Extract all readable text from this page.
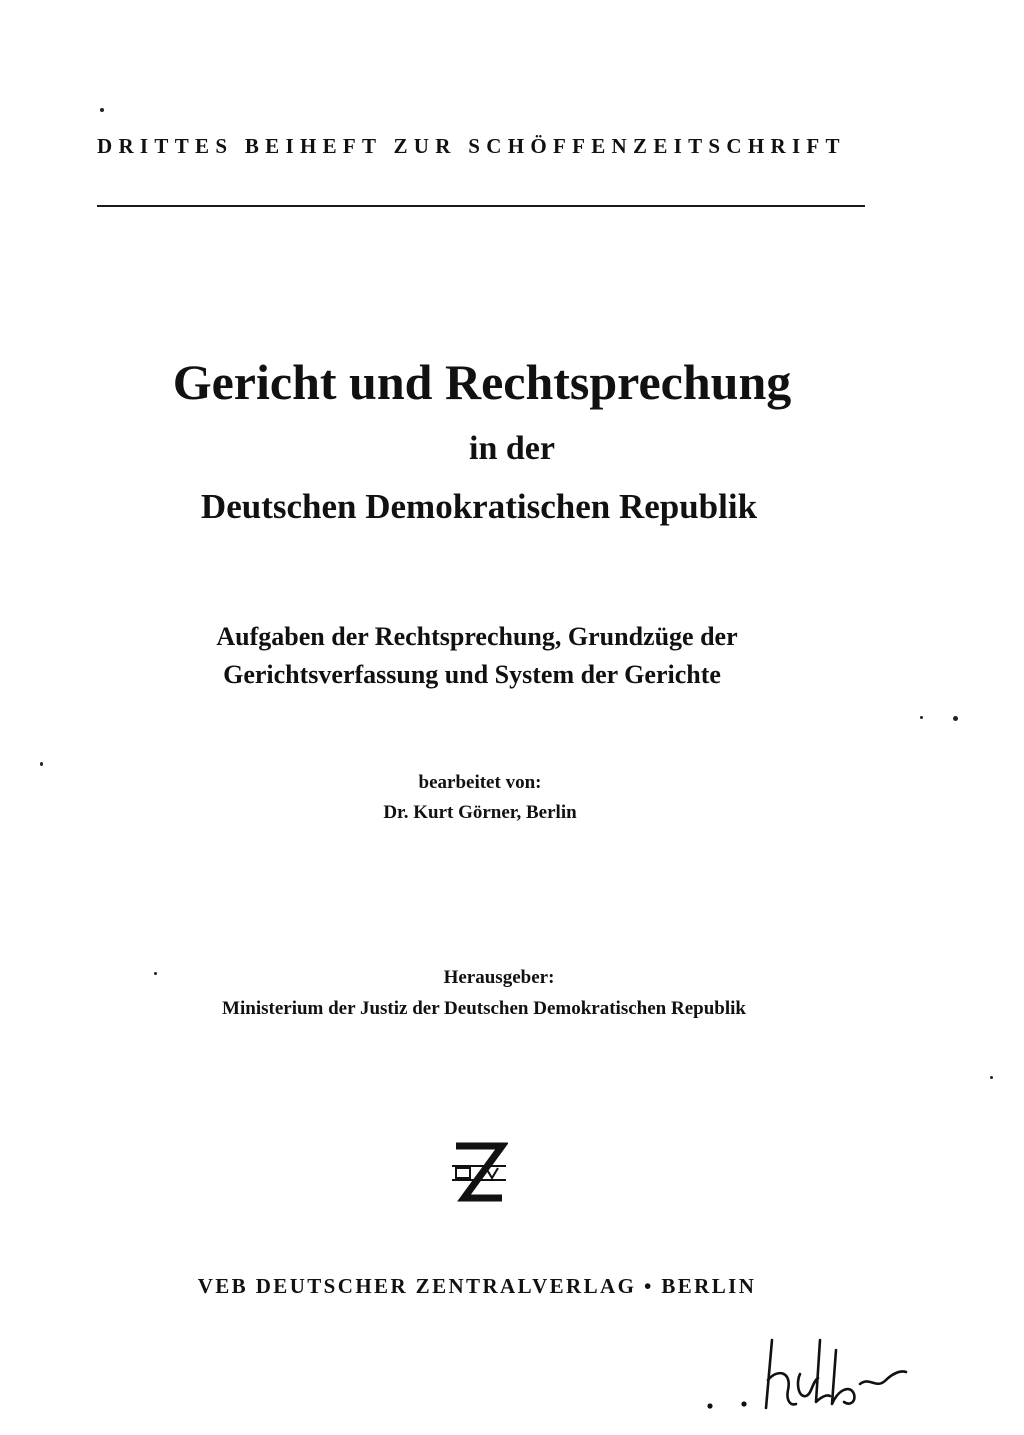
DRITTES BEIHEFT ZUR SCHÖFFENZEITSCHRIFT
Gericht und Rechtsprechung
in der
Deutschen Demokratischen Republik
Aufgaben der Rechtsprechung, Grundzüge der
Gerichtsverfassung und System der Gerichte
bearbeitet von:
Dr. Kurt Görner, Berlin
Herausgeber:
Ministerium der Justiz der Deutschen Demokratischen Republik
VEB DEUTSCHER ZENTRALVERLAG • BERLIN
